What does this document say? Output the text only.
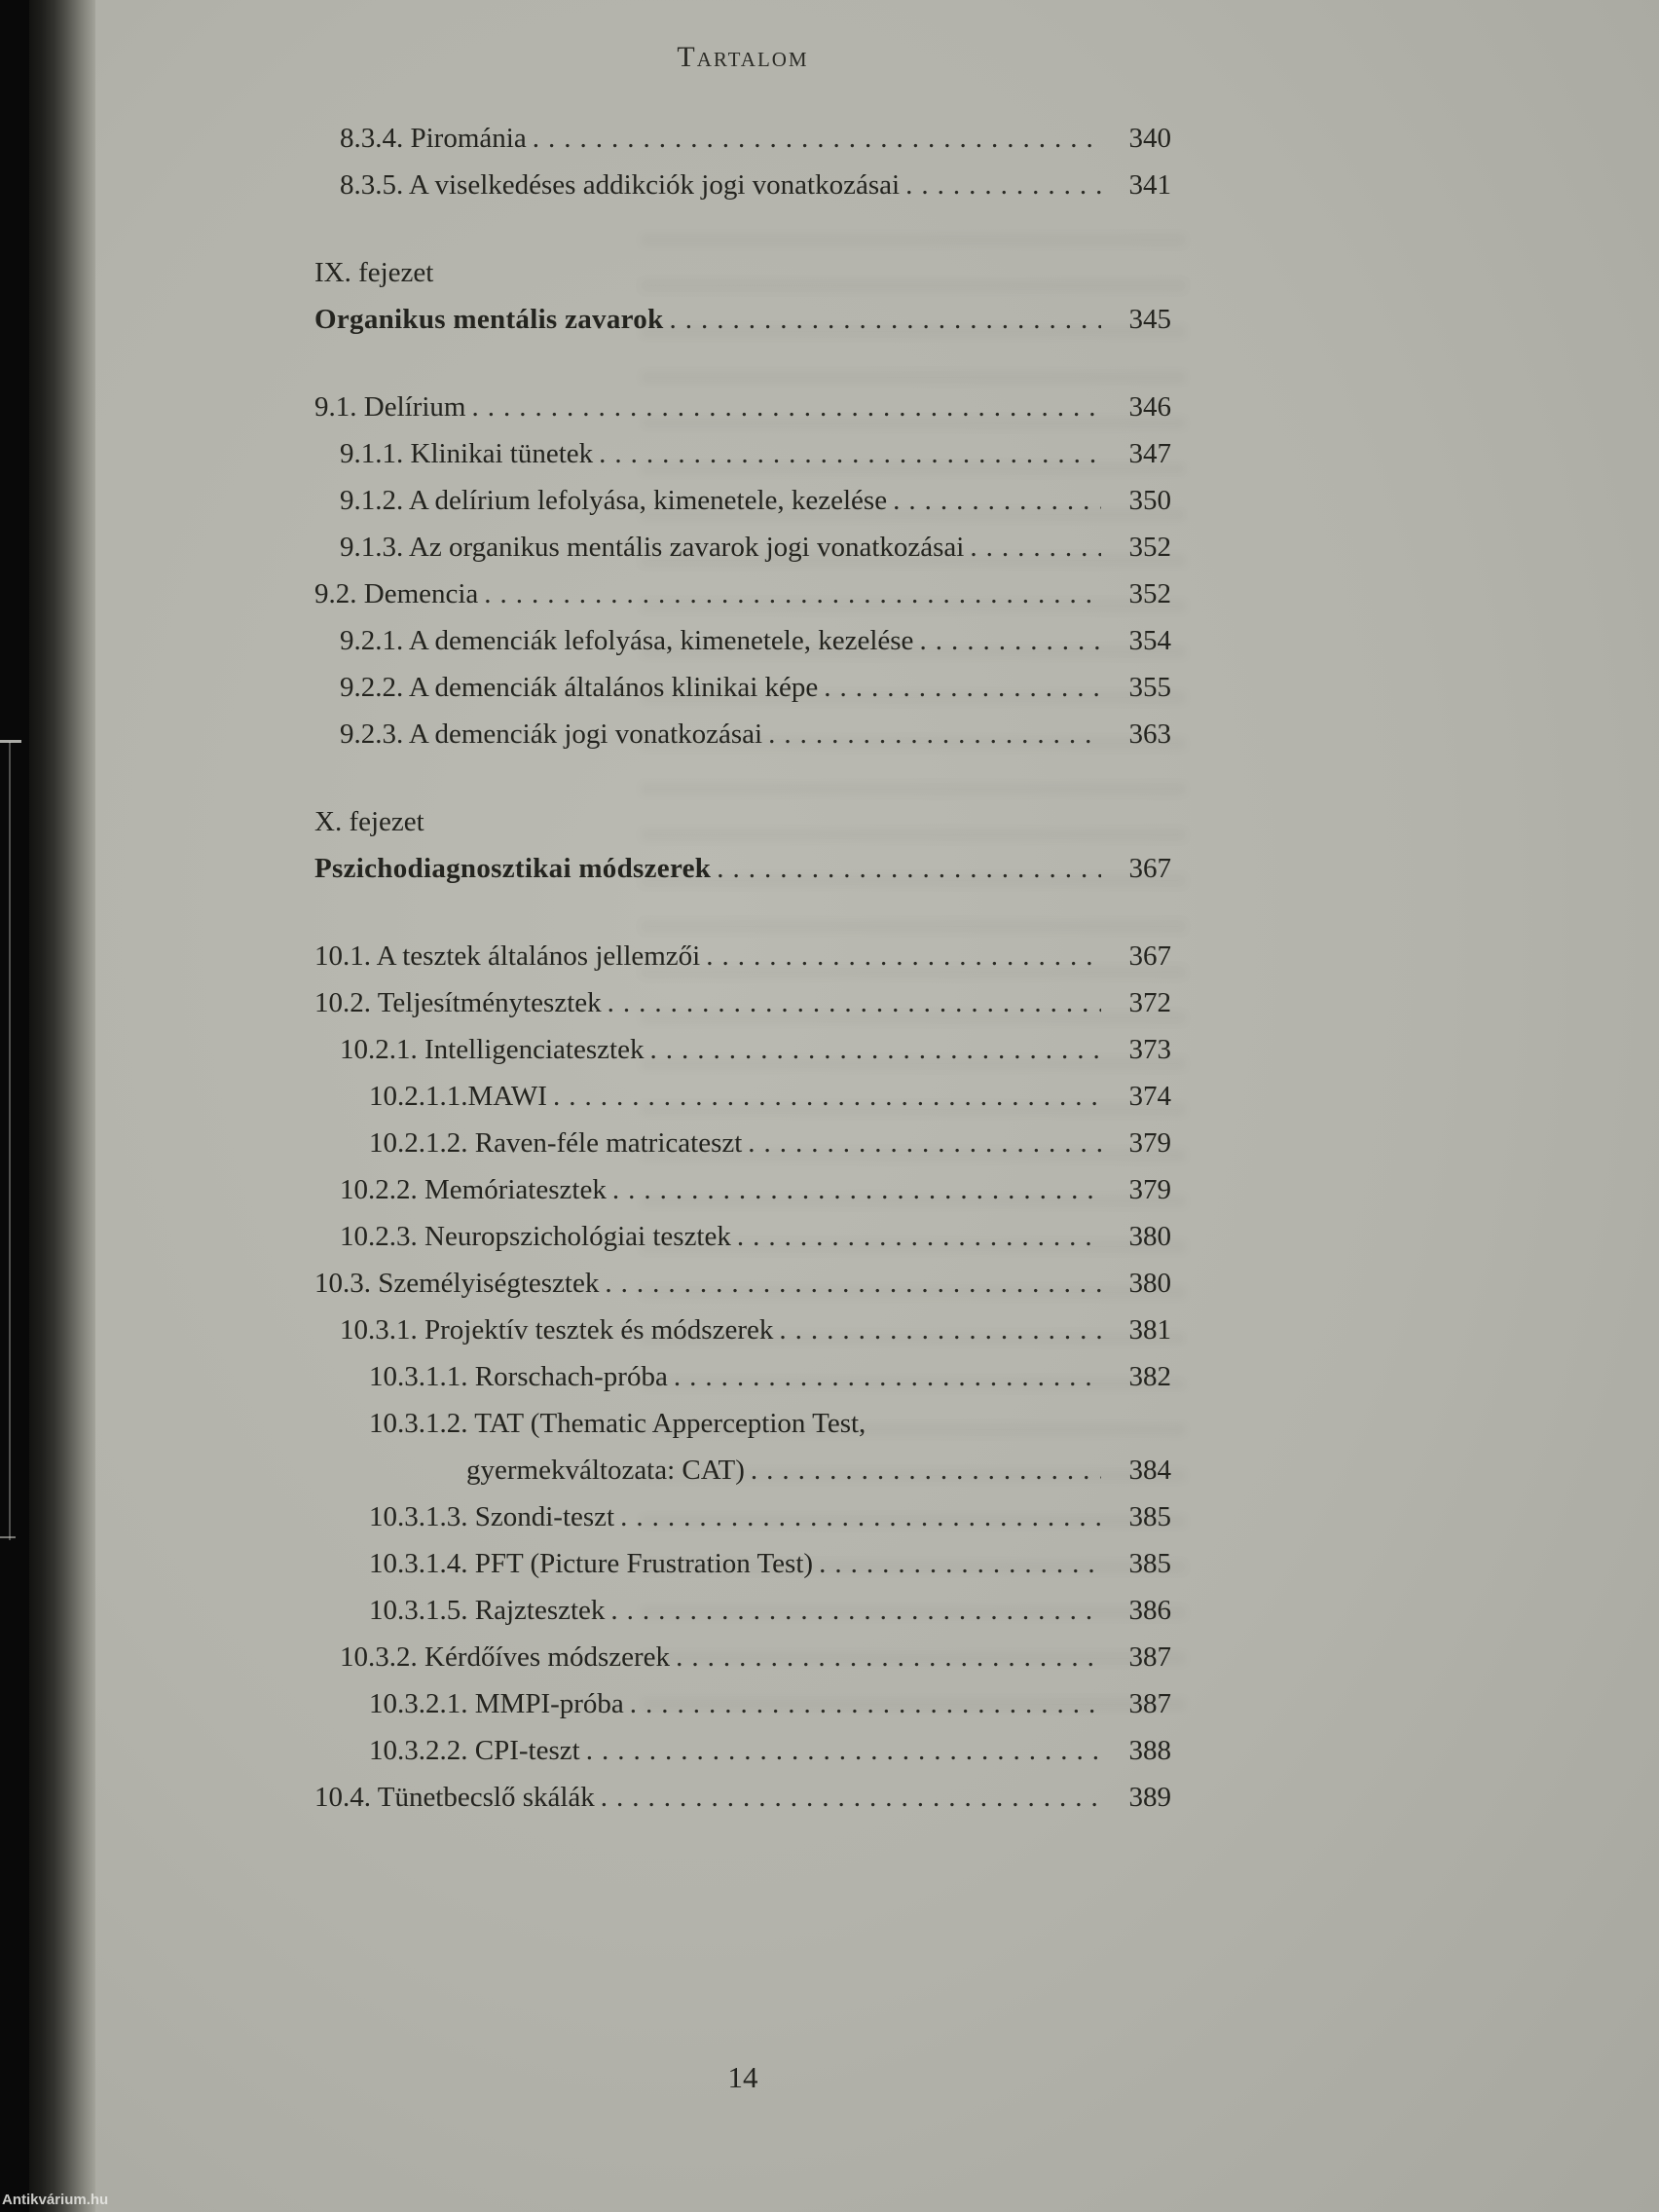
Tartalom
8.3.4. Pirománia .....	340
8.3.5. A viselkedéses addikciók jogi vonatkozásai .....	341
IX. fejezet
Organikus mentális zavarok .....	345
9.1. Delírium .....	346
9.1.1. Klinikai tünetek .....	347
9.1.2. A delírium lefolyása, kimenetele, kezelése .....	350
9.1.3. Az organikus mentális zavarok jogi vonatkozásai .....	352
9.2. Demencia .....	352
9.2.1. A demenciák lefolyása, kimenetele, kezelése .....	354
9.2.2. A demenciák általános klinikai képe .....	355
9.2.3. A demenciák jogi vonatkozásai .....	363
X. fejezet
Pszichodiagnosztikai módszerek .....	367
10.1. A tesztek általános jellemzői .....	367
10.2. Teljesítménytesztek .....	372
10.2.1. Intelligenciatesztek .....	373
10.2.1.1.MAWI .....	374
10.2.1.2. Raven-féle matricateszt .....	379
10.2.2. Memóriatesztek .....	379
10.2.3. Neuropszichológiai tesztek .....	380
10.3. Személyiségtesztek .....	380
10.3.1. Projektív tesztek és módszerek .....	381
10.3.1.1. Rorschach-próba .....	382
10.3.1.2. TAT (Thematic Apperception Test,
gyermekváltozata: CAT) .....	384
10.3.1.3. Szondi-teszt .....	385
10.3.1.4. PFT (Picture Frustration Test) .....	385
10.3.1.5. Rajztesztek .....	386
10.3.2. Kérdőíves módszerek .....	387
10.3.2.1. MMPI-próba .....	387
10.3.2.2. CPI-teszt .....	388
10.4. Tünetbecslő skálák .....	389
14
Antikvárium.hu
